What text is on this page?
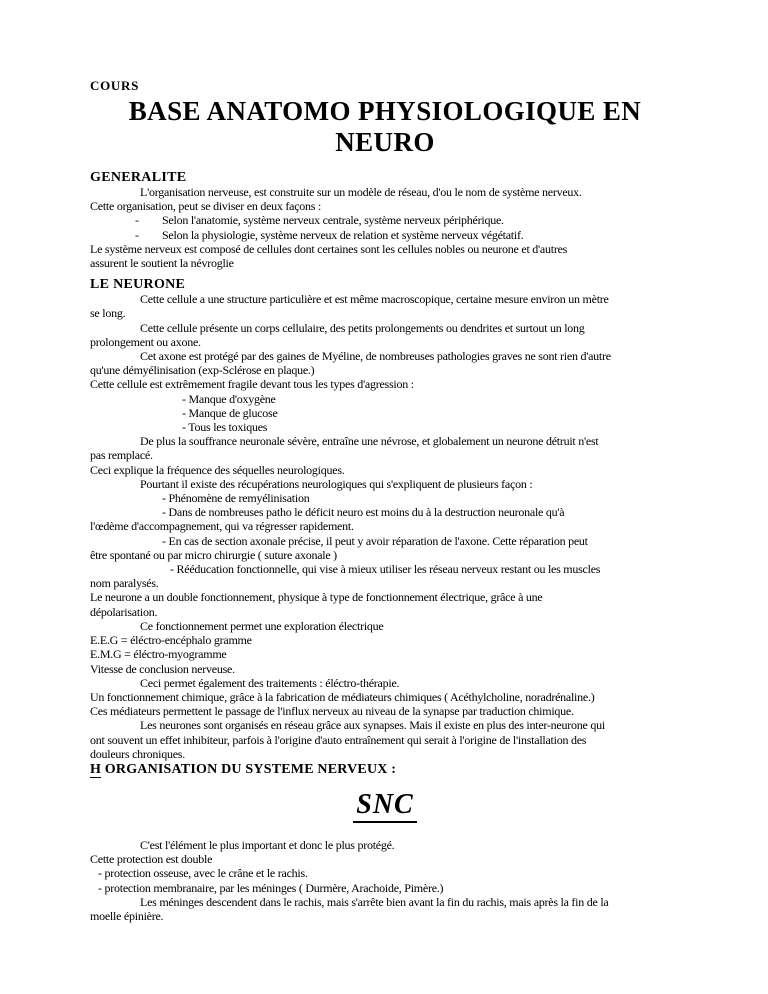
COURS
BASE ANATOMO PHYSIOLOGIQUE EN
NEURO
GENERALITE
L'organisation nerveuse, est construite sur un modèle de réseau, d'ou le nom de système nerveux.
Cette organisation, peut se diviser en deux façons :
- Selon l'anatomie, système nerveux centrale, système nerveux périphérique.
- Selon la physiologie, système nerveux de relation et système nerveux végétatif.
Le système nerveux est composé de cellules dont certaines sont les cellules nobles ou neurone et d'autres
assurent le soutient la névroglie
LE NEURONE
Cette cellule a une structure particulière et est même macroscopique, certaine mesure environ un mètre
se long.
Cette cellule présente un corps cellulaire, des petits prolongements ou dendrites et surtout un long
prolongement ou axone.
Cet axone est protégé par des gaines de Myéline, de nombreuses pathologies graves ne sont rien d'autre
qu'une démyélinisation (exp-Sclérose en plaque.)
Cette cellule est extrêmement fragile devant tous les types d'agression :
- Manque d'oxygène
- Manque de glucose
- Tous les toxiques
De plus la souffrance neuronale sévère, entraîne une névrose, et globalement un neurone détruit n'est
pas remplacé.
Ceci explique la fréquence des séquelles neurologiques.
Pourtant il existe des récupérations neurologiques qui s'expliquent de plusieurs façon :
- Phénomène de remyélinisation
- Dans de nombreuses patho le déficit neuro est moins du à la destruction neuronale qu'à
l'œdème d'accompagnement, qui va régresser rapidement.
- En cas de section axonale précise, il peut y avoir réparation de l'axone. Cette réparation peut
être spontané ou par micro chirurgie ( suture axonale )
- Rééducation fonctionnelle, qui vise à mieux utiliser les réseau nerveux restant ou les muscles
nom paralysés.
Le neurone a un double fonctionnement, physique à type de fonctionnement électrique, grâce à une
dépolarisation.
Ce fonctionnement permet une exploration électrique
E.E.G = éléctro-encéphalo gramme
E.M.G = éléctro-myogramme
Vitesse de conclusion nerveuse.
Ceci permet également des traitements : éléctro-thérapie.
Un fonctionnement chimique, grâce à la fabrication de médiateurs chimiques ( Acéthylcholine, noradrénaline.)
Ces médiateurs permettent le passage de l'influx nerveux au niveau de la synapse par traduction chimique.
Les neurones sont organisés en réseau grâce aux synapses. Mais il existe en plus des inter-neurone qui
ont souvent un effet inhibiteur, parfois à l'origine d'auto entraînement qui serait à l'origine de l'installation des
douleurs chroniques.
H ORGANISATION DU SYSTEME NERVEUX :
SNC
C'est l'élément le plus important et donc le plus protégé.
Cette protection est double
- protection osseuse, avec le crâne et le rachis.
- protection membranaire, par les méninges ( Durmère, Arachoide, Pimère.)
Les méninges descendent dans le rachis, mais s'arrête bien avant la fin du rachis, mais après la fin de la
moelle épinière.
